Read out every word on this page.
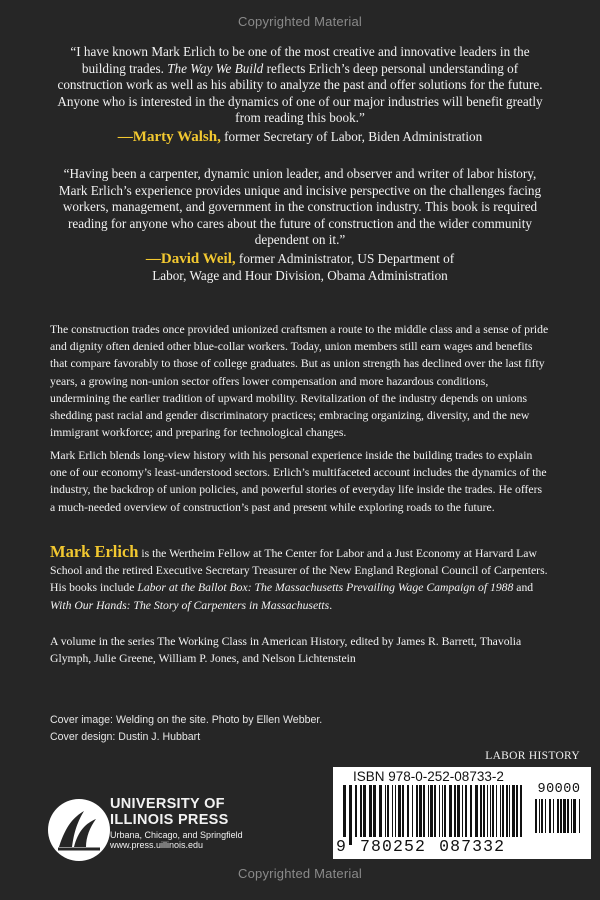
Copyrighted Material
“I have known Mark Erlich to be one of the most creative and innovative leaders in the building trades. The Way We Build reflects Erlich’s deep personal understanding of construction work as well as his ability to analyze the past and offer solutions for the future. Anyone who is interested in the dynamics of one of our major industries will benefit greatly from reading this book.”
—Marty Walsh, former Secretary of Labor, Biden Administration
“Having been a carpenter, dynamic union leader, and observer and writer of labor history, Mark Erlich’s experience provides unique and incisive perspective on the challenges facing workers, management, and government in the construction industry. This book is required reading for anyone who cares about the future of construction and the wider community dependent on it.”
—David Weil, former Administrator, US Department of
Labor, Wage and Hour Division, Obama Administration
The construction trades once provided unionized craftsmen a route to the middle class and a sense of pride and dignity often denied other blue-collar workers. Today, union members still earn wages and benefits that compare favorably to those of college graduates. But as union strength has declined over the last fifty years, a growing non-union sector offers lower compensation and more hazardous conditions, undermining the earlier tradition of upward mobility. Revitalization of the industry depends on unions shedding past racial and gender discriminatory practices; embracing organizing, diversity, and the new immigrant workforce; and preparing for technological changes.
Mark Erlich blends long-view history with his personal experience inside the building trades to explain one of our economy’s least-understood sectors. Erlich’s multifaceted account includes the dynamics of the industry, the backdrop of union policies, and powerful stories of everyday life inside the trades. He offers a much-needed overview of construction’s past and present while exploring roads to the future.
Mark Erlich is the Wertheim Fellow at The Center for Labor and a Just Economy at Harvard Law School and the retired Executive Secretary Treasurer of the New England Regional Council of Carpenters. His books include Labor at the Ballot Box: The Massachusetts Prevailing Wage Campaign of 1988 and With Our Hands: The Story of Carpenters in Massachusetts.
A volume in the series The Working Class in American History, edited by James R. Barrett, Thavolia Glymph, Julie Greene, William P. Jones, and Nelson Lichtenstein
Cover image: Welding on the site. Photo by Ellen Webber.
Cover design: Dustin J. Hubbart
LABOR HISTORY
UNIVERSITY OF
ILLINOIS PRESS
Urbana, Chicago, and Springfield
www.press.uillinois.edu
ISBN 978-0-252-08733-2
90000
9 780252 087332
Copyrighted Material
